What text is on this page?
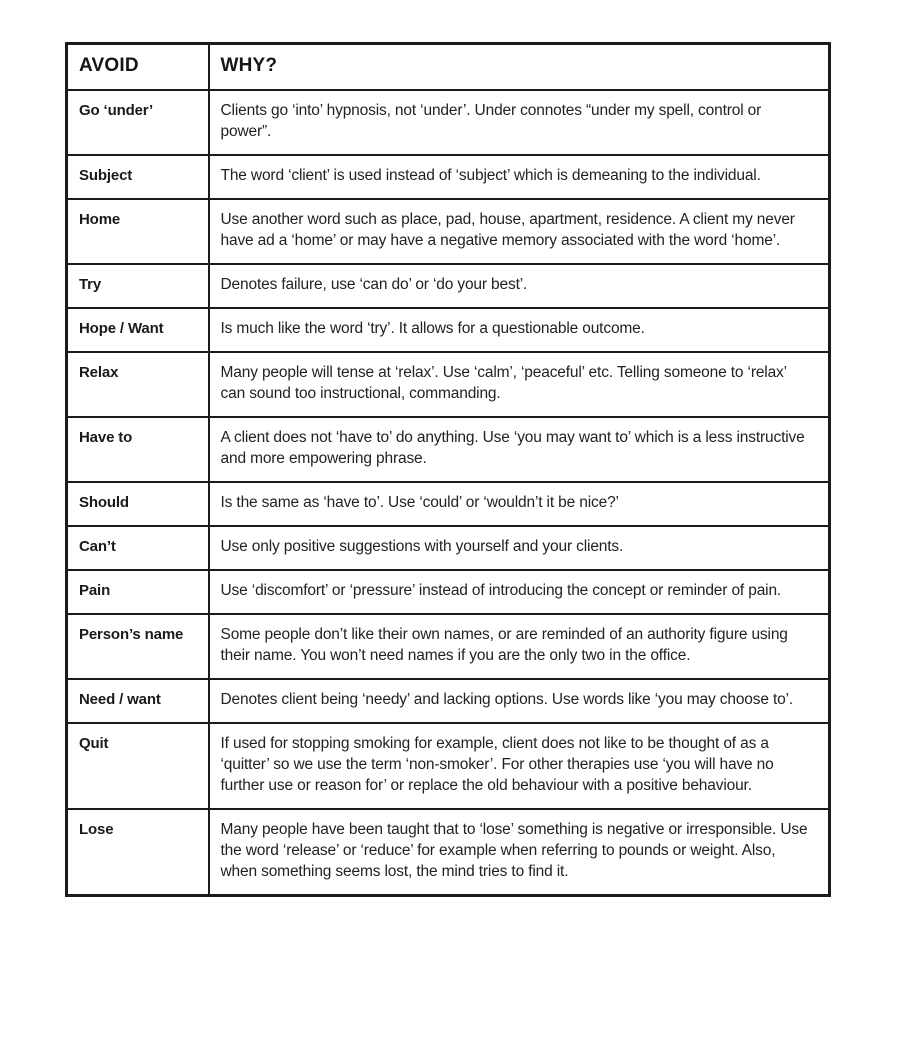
AVOID	WHY?
Go ‘under’	Clients go ‘into’ hypnosis, not ‘under’. Under connotes “under my spell, control or power”.
Subject	The word ‘client’ is used instead of ‘subject’ which is demeaning to the individual.
Home	Use another word such as place, pad, house, apartment, residence. A client my never have ad a ‘home’ or may have a negative memory associated with the word ‘home’.
Try	Denotes failure, use ‘can do’ or ‘do your best’.
Hope / Want	Is much like the word ‘try’. It allows for a questionable outcome.
Relax	Many people will tense at ‘relax’. Use ‘calm’, ‘peaceful’ etc. Telling someone to ‘relax’ can sound too instructional, commanding.
Have to	A client does not ‘have to’ do anything. Use ‘you may want to’ which is a less instructive and more empowering phrase.
Should	Is the same as ‘have to’. Use ‘could’ or ‘wouldn’t it be nice?’
Can’t	Use only positive suggestions with yourself and your clients.
Pain	Use ‘discomfort’ or ‘pressure’ instead of introducing the concept or reminder of pain.
Person’s name	Some people don’t like their own names, or are reminded of an authority figure using their name. You won’t need names if you are the only two in the office.
Need / want	Denotes client being ‘needy’ and lacking options. Use words like ‘you may choose to’.
Quit	If used for stopping smoking for example, client does not like to be thought of as a ‘quitter’ so we use the term ‘non-smoker’. For other therapies use ‘you will have no further use or reason for’ or replace the old behaviour with a positive behaviour.
Lose	Many people have been taught that to ‘lose’ something is negative or irresponsible. Use the word ‘release’ or ‘reduce’ for example when referring to pounds or weight. Also, when something seems lost, the mind tries to find it.
